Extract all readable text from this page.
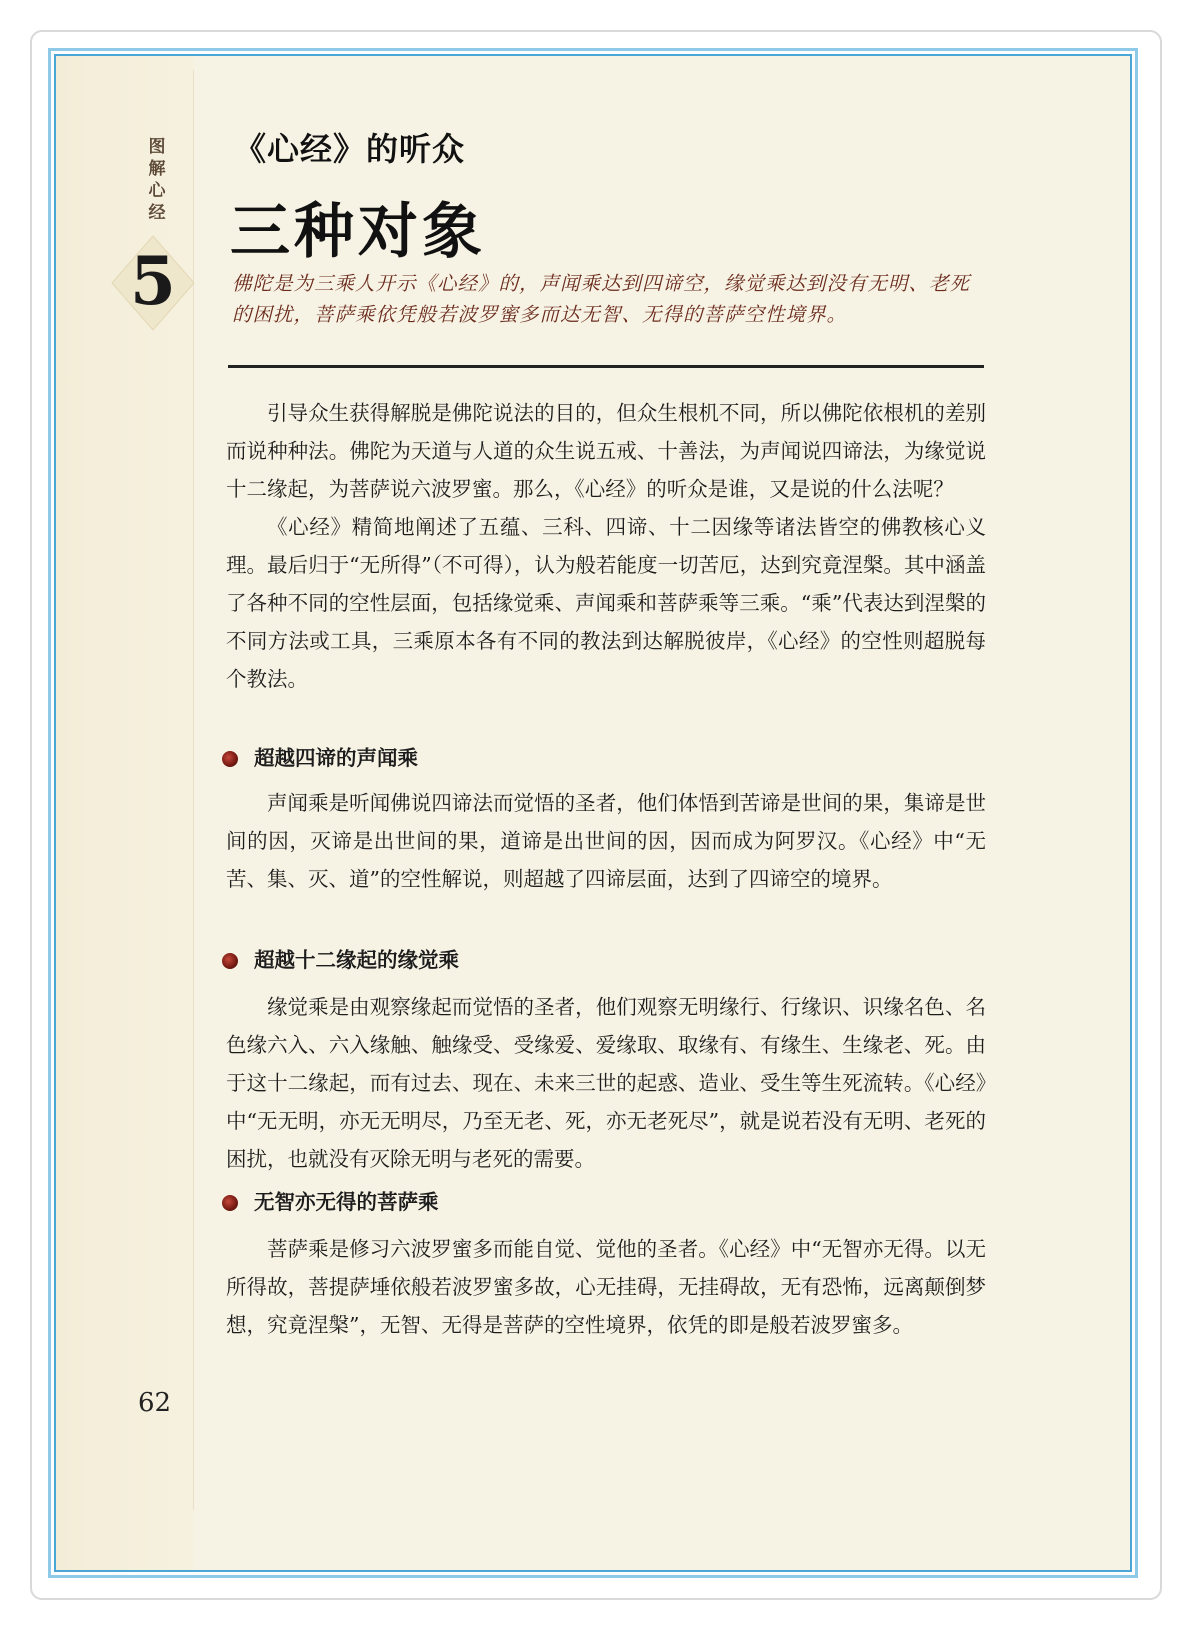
图解心经
5
《心经》的听众
三种对象
佛陀是为三乘人开示《心经》的，声闻乘达到四谛空，缘觉乘达到没有无明、老死的困扰，菩萨乘依凭般若波罗蜜多而达无智、无得的菩萨空性境界。

引导众生获得解脱是佛陀说法的目的，但众生根机不同，所以佛陀依根机的差别而说种种法。佛陀为天道与人道的众生说五戒、十善法，为声闻说四谛法，为缘觉说十二缘起，为菩萨说六波罗蜜。那么，《心经》的听众是谁，又是说的什么法呢？

《心经》精简地阐述了五蕴、三科、四谛、十二因缘等诸法皆空的佛教核心义理。最后归于“无所得”（不可得），认为般若能度一切苦厄，达到究竟涅槃。其中涵盖了各种不同的空性层面，包括缘觉乘、声闻乘和菩萨乘等三乘。“乘”代表达到涅槃的不同方法或工具，三乘原本各有不同的教法到达解脱彼岸，《心经》的空性则超脱每个教法。

超越四谛的声闻乘

声闻乘是听闻佛说四谛法而觉悟的圣者，他们体悟到苦谛是世间的果，集谛是世间的因，灭谛是出世间的果，道谛是出世间的因，因而成为阿罗汉。《心经》中“无苦、集、灭、道”的空性解说，则超越了四谛层面，达到了四谛空的境界。

超越十二缘起的缘觉乘

缘觉乘是由观察缘起而觉悟的圣者，他们观察无明缘行、行缘识、识缘名色、名色缘六入、六入缘触、触缘受、受缘爱、爱缘取、取缘有、有缘生、生缘老、死。由于这十二缘起，而有过去、现在、未来三世的起惑、造业、受生等生死流转。《心经》中“无无明，亦无无明尽，乃至无老、死，亦无老死尽”，就是说若没有无明、老死的困扰，也就没有灭除无明与老死的需要。

无智亦无得的菩萨乘

菩萨乘是修习六波罗蜜多而能自觉、觉他的圣者。《心经》中“无智亦无得。以无所得故，菩提萨埵依般若波罗蜜多故，心无挂碍，无挂碍故，无有恐怖，远离颠倒梦想，究竟涅槃”，无智、无得是菩萨的空性境界，依凭的即是般若波罗蜜多。

62
